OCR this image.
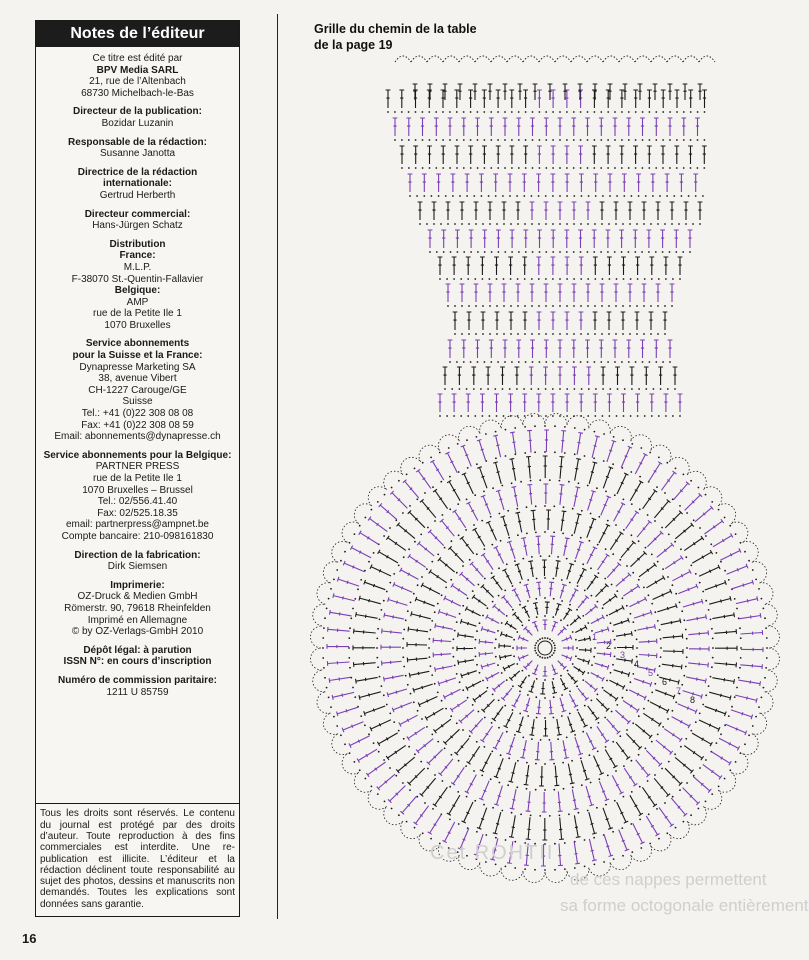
Notes de l’éditeur
Ce titre est édité par
BPV Media SARL
21, rue de l’Altenbach
68730 Michelbach-le-Bas
Directeur de la publication:
Bozidar Luzanin
Responsable de la rédaction:
Susanne Janotta
Directrice de la rédaction
internationale:
Gertrud Herberth
Directeur commercial:
Hans-Jürgen Schatz
Distribution
France:
M.L.P.
F-38070 St.-Quentin-Fallavier
Belgique:
AMP
rue de la Petite Ile 1
1070 Bruxelles
Service abonnements
pour la Suisse et la France:
Dynapresse Marketing SA
38, avenue Vibert
CH-1227 Carouge/GE
Suisse
Tel.: +41 (0)22 308 08 08
Fax: +41 (0)22 308 08 59
Email: abonnements@dynapresse.ch
Service abonnements pour la Belgique:
PARTNER PRESS
rue de la Petite Ile 1
1070 Bruxelles – Brussel
Tel.: 02/556.41.40
Fax: 02/525.18.35
email: partnerpress@ampnet.be
Compte bancaire: 210-098161830
Direction de la fabrication:
Dirk Siemsen
Imprimerie:
OZ-Druck & Medien GmbH
Römerstr. 90, 79618 Rheinfelden
Imprimé en Allemagne
© by OZ-Verlags-GmbH 2010
Dépôt légal: à parution
ISSN N°: en cours d’inscription
Numéro de commission paritaire:
1211 U 85759
Tous les droits sont réservés. Le contenu du journal est protégé par des droits d’auteur. Toute reproduction à des fins commerciales est interdite. Une re-publication est illicite. L’éditeur et la rédaction déclinent toute responsabilité au sujet des photos, dessins et manuscrits non demandés. Toutes les explications sont données sans garantie.
Grille du chemin de la table
de la page 19
1
2
3
4
5
6
7
8
Cet ROHTII
de ces nappes permettent
sa forme octogonale entièrement
16
